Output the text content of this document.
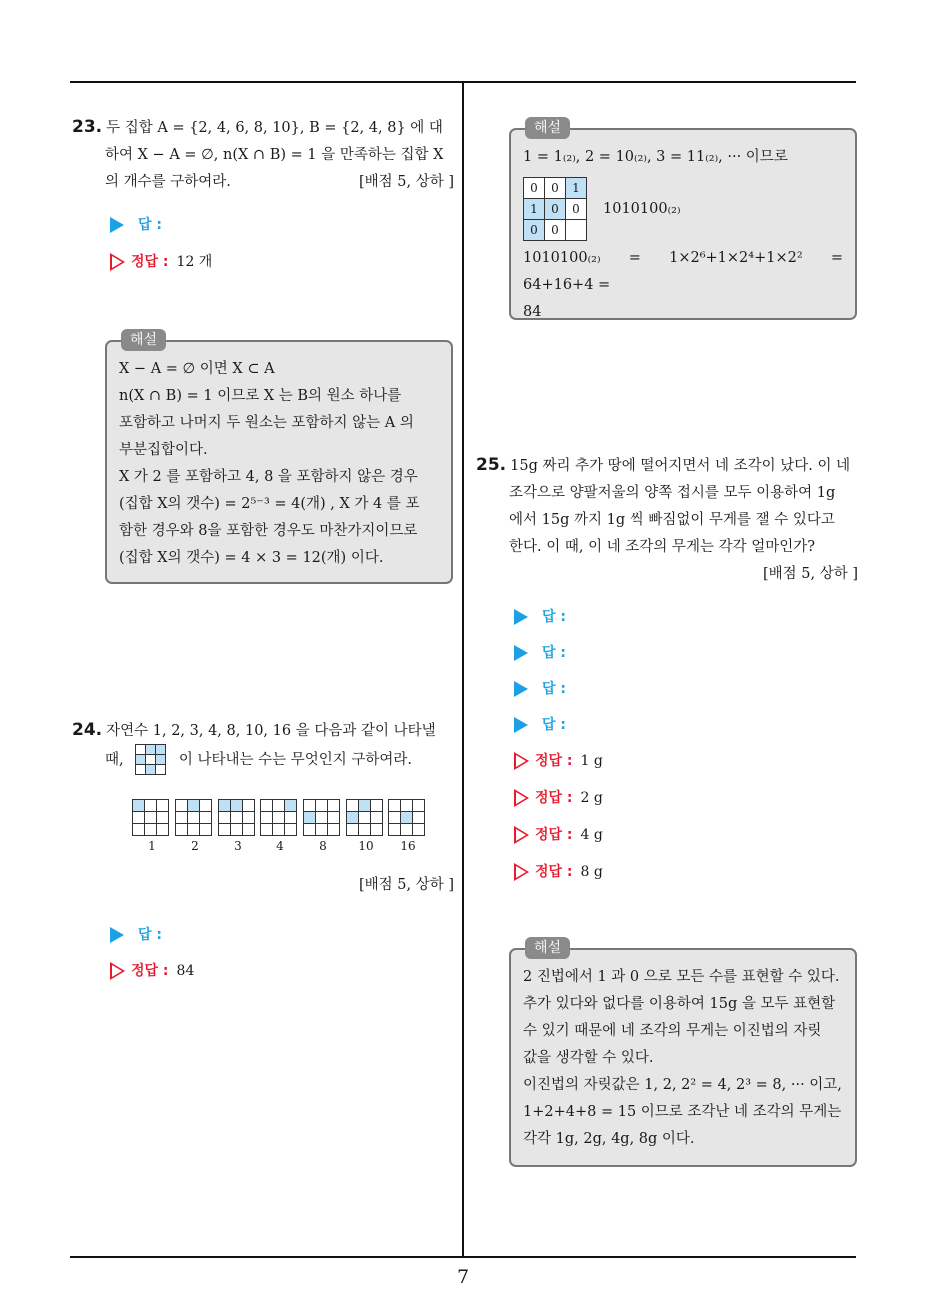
7
23. 두 집합 A = {2, 4, 6, 8, 10}, B = {2, 4, 8} 에 대
하여 X − A = ∅, n(X ∩ B) = 1 을 만족하는 집합 X
의 개수를 구하여라.	[배점 5, 상하 ]
답 :
정답 : 12 개
해설
X − A = ∅ 이면 X ⊂ A
n(X ∩ B) = 1 이므로 X 는 B의 원소 하나를
포함하고 나머지 두 원소는 포함하지 않는 A 의
부분집합이다.
X 가 2 를 포함하고 4, 8 을 포함하지 않은 경우
(집합 X의 갯수) = 2⁵⁻³ = 4(개) , X 가 4 를 포
함한 경우와 8을 포함한 경우도 마찬가지이므로
(집합 X의 갯수) = 4 × 3 = 12(개) 이다.
24. 자연수 1, 2, 3, 4, 8, 10, 16 을 다음과 같이 나타낼
때,	이 나타내는 수는 무엇인지 구하여라.
1	2	3	4	8	10	16
[배점 5, 상하 ]
답 :
정답 : 84
해설
1 = 1₍₂₎, 2 = 10₍₂₎, 3 = 11₍₂₎, ··· 이므로
0	0	1
1	0	0
0	0	
1010100₍₂₎
1010100₍₂₎ = 1×2⁶+1×2⁴+1×2² = 64+16+4 =
84
25. 15g 짜리 추가 땅에 떨어지면서 네 조각이 났다. 이 네
조각으로 양팔저울의 양쪽 접시를 모두 이용하여 1g
에서 15g 까지 1g 씩 빠짐없이 무게를 잴 수 있다고
한다. 이 때, 이 네 조각의 무게는 각각 얼마인가?
[배점 5, 상하 ]
답 :
답 :
답 :
답 :
정답 : 1 g
정답 : 2 g
정답 : 4 g
정답 : 8 g
해설
2 진법에서 1 과 0 으로 모든 수를 표현할 수 있다.
추가 있다와 없다를 이용하여 15g 을 모두 표현할
수 있기 때문에 네 조각의 무게는 이진법의 자릿
값을 생각할 수 있다.
이진법의 자릿값은 1, 2, 2² = 4, 2³ = 8, ··· 이고,
1+2+4+8 = 15 이므로 조각난 네 조각의 무게는
각각 1g, 2g, 4g, 8g 이다.
